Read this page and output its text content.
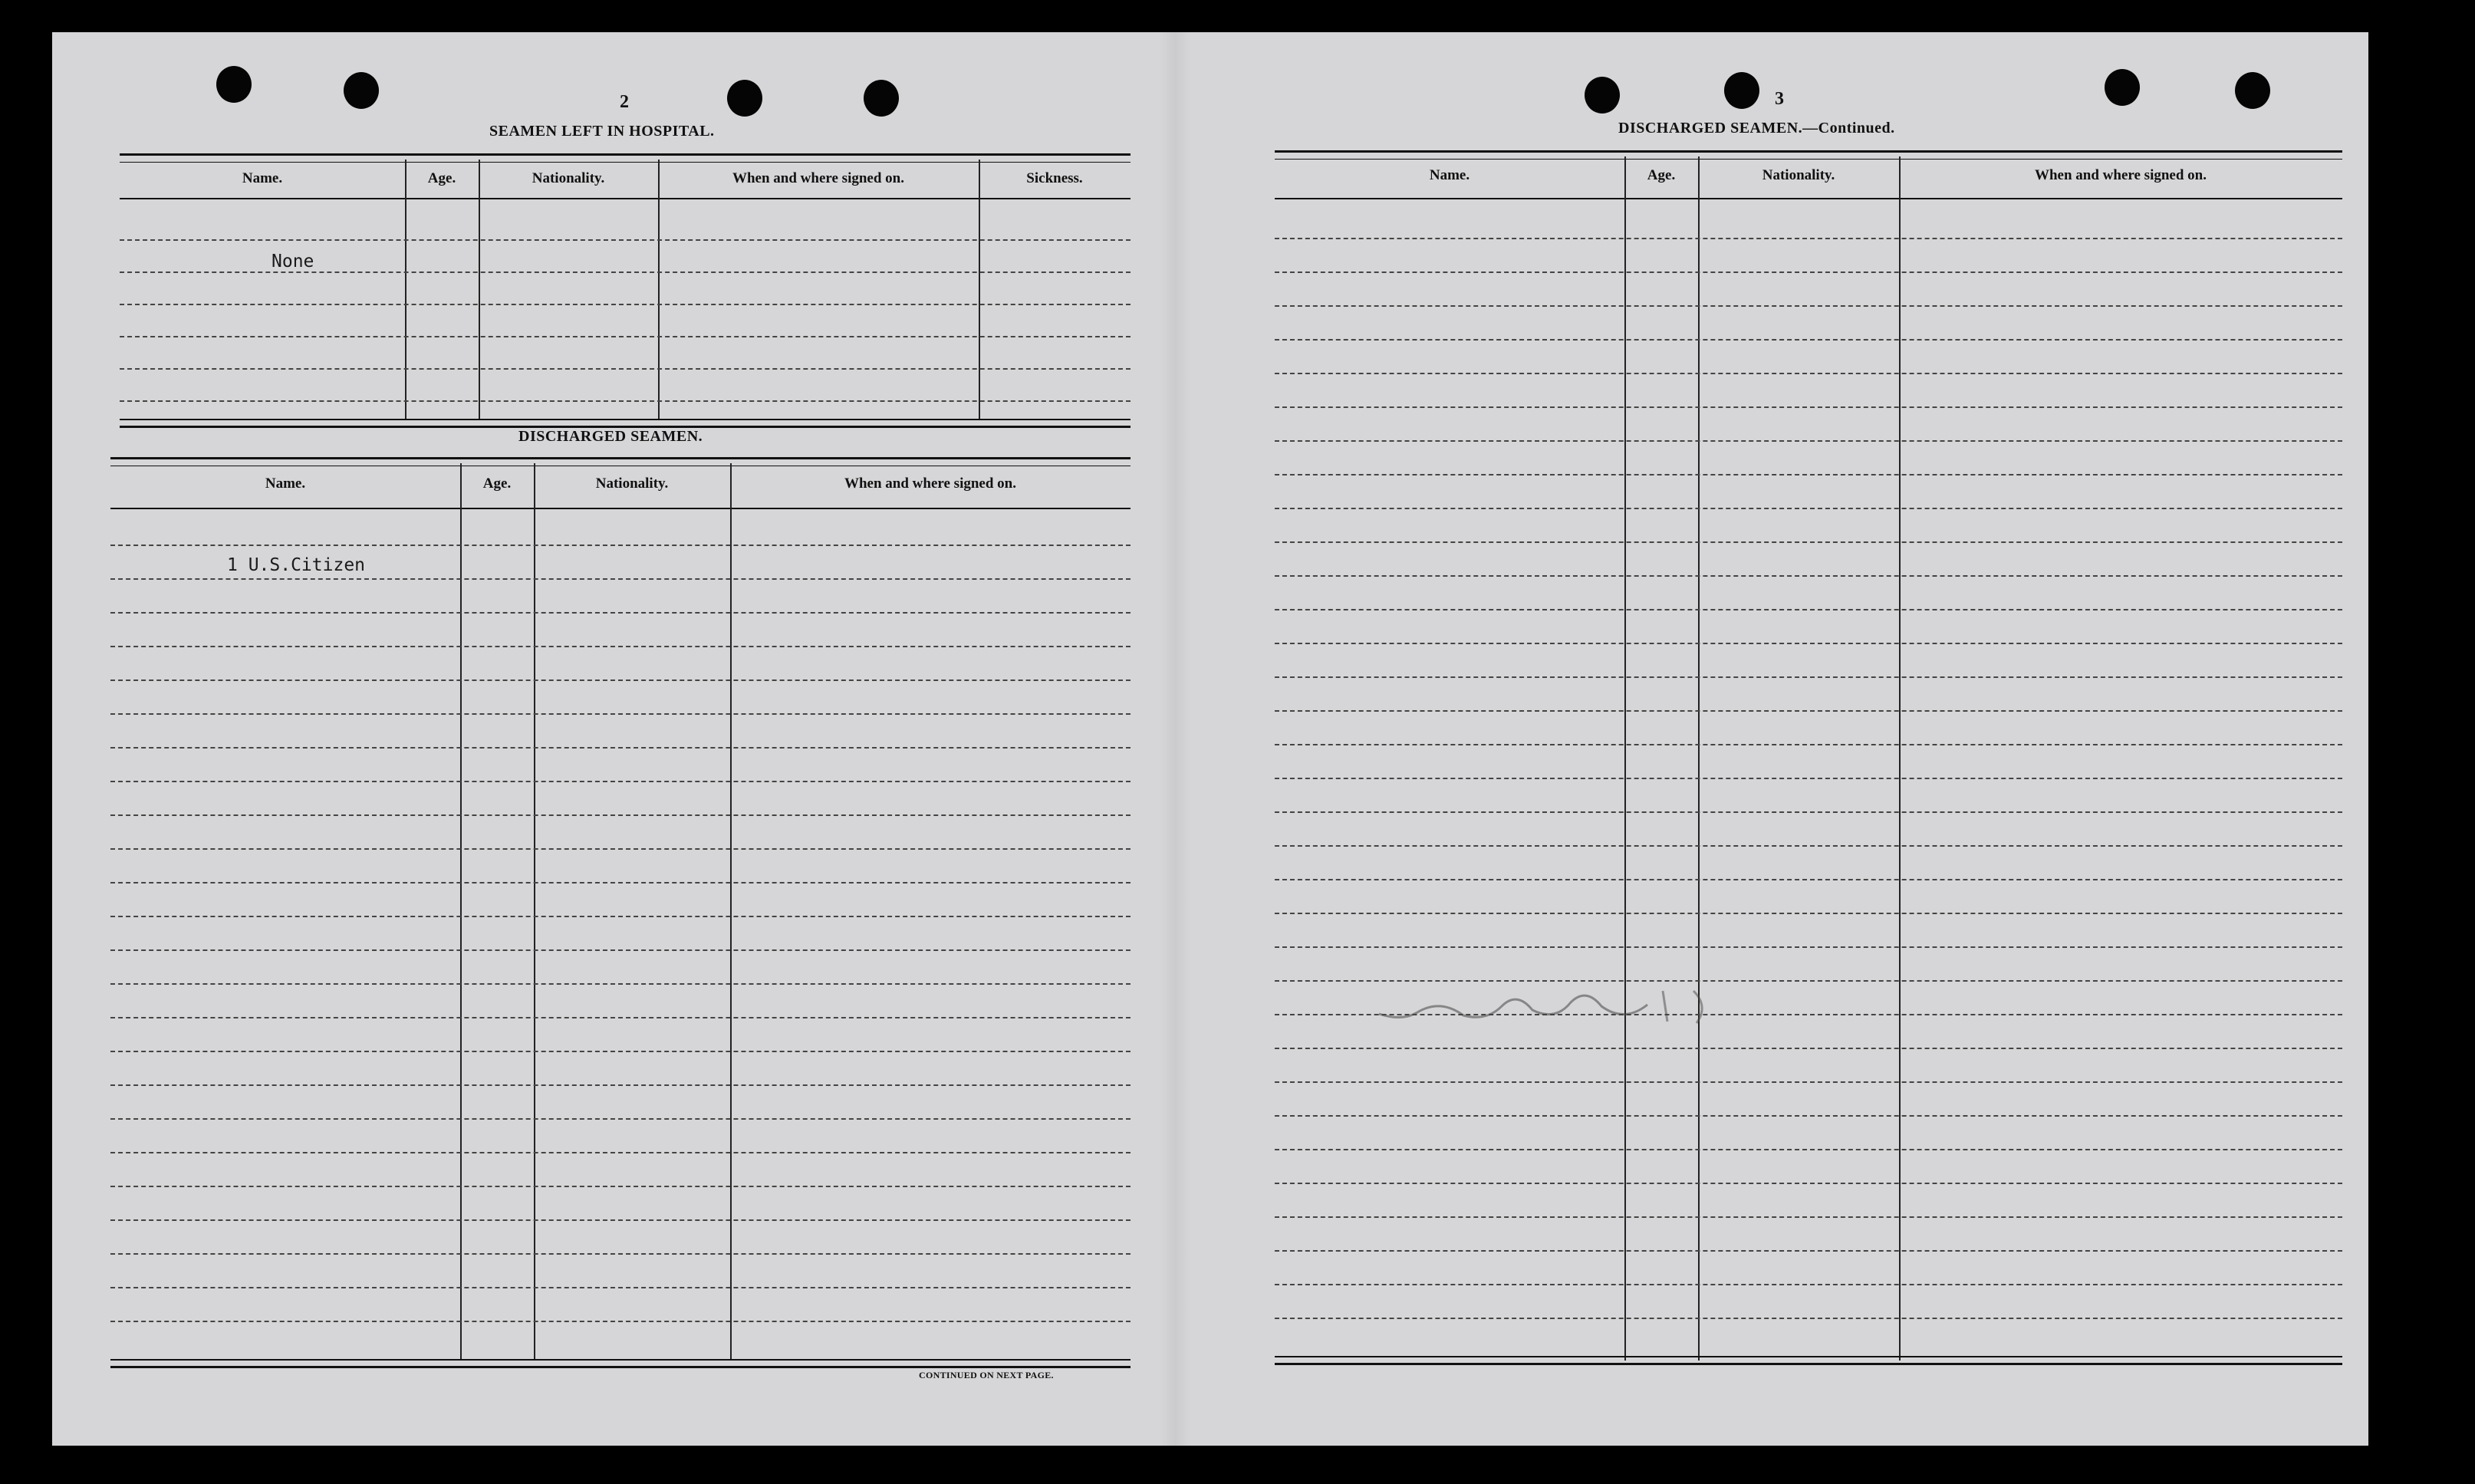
2
SEAMEN LEFT IN HOSPITAL.
Name.	Age.	Nationality.	When and where signed on.	Sickness.
None
DISCHARGED SEAMEN.
Name.	Age.	Nationality.	When and where signed on.
1 U.S.Citizen
CONTINUED ON NEXT PAGE.
3
DISCHARGED SEAMEN.—Continued.
Name.	Age.	Nationality.	When and where signed on.
